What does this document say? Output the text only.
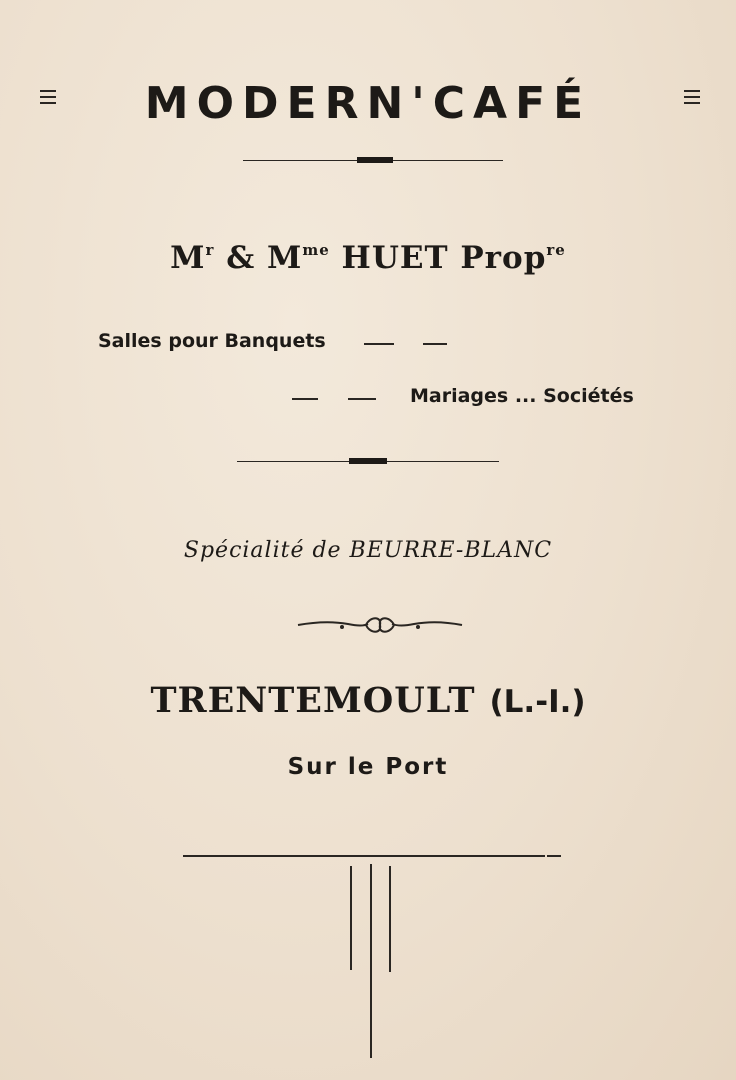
MODERN'CAFÉ
$M^r$ & $M^{me}$ HUET Prop$^{re}$
Salles pour Banquets
Mariages ... Sociétés
Spécialité de BEURRE-BLANC
TRENTEMOULT (L.-I.)
Sur le Port
